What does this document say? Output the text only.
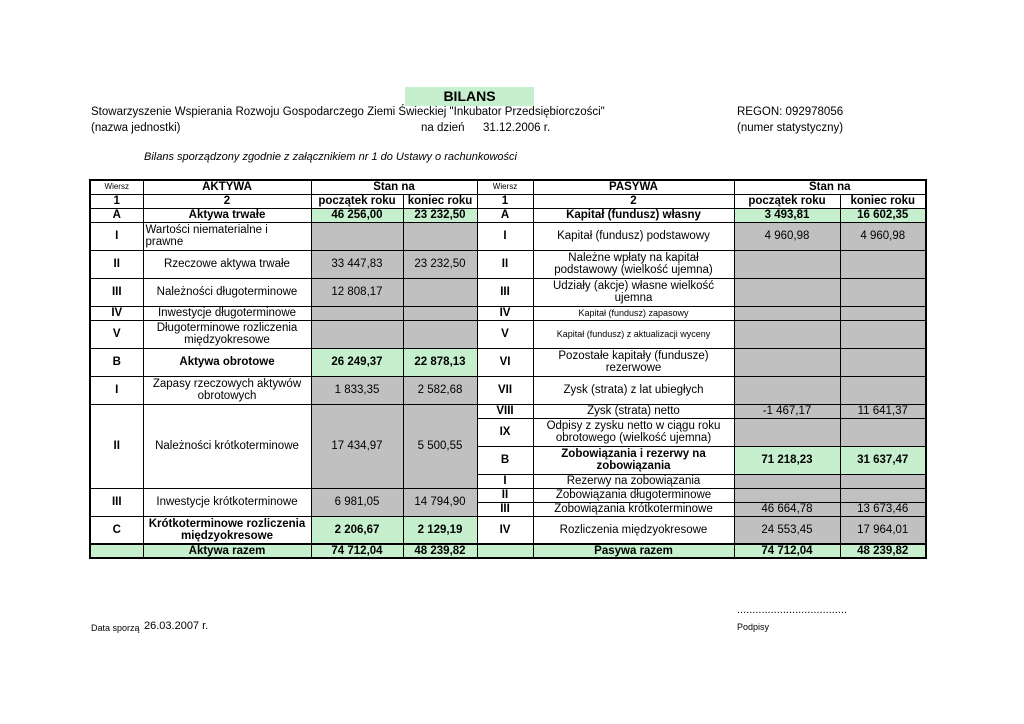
BILANS
Stowarzyszenie Wspierania Rozwoju Gospodarczego Ziemi Świeckiej "Inkubator Przedsiębiorczości"
(nazwa jednostki)	na dzień 31.12.2006 r.
REGON: 092978056
(numer statystyczny)
Bilans sporządzony zgodnie z załącznikiem nr 1 do Ustawy o rachunkowości
Wiersz	AKTYWA	Stan na		Wiersz	PASYWA	Stan na	
1	2	początek roku	koniec roku	1	2	początek roku	koniec roku
A	Aktywa trwałe	46 256,00	23 232,50	A	Kapitał (fundusz) własny	3 493,81	16 602,35
I	Wartości niematerialne i prawne			I	Kapitał (fundusz) podstawowy	4 960,98	4 960,98
II	Rzeczowe aktywa trwałe	33 447,83	23 232,50	II	Należne wpłaty na kapitał podstawowy (wielkość ujemna)		
III	Należności długoterminowe	12 808,17		III	Udziały (akcje) własne wielkość ujemna		
IV	Inwestycje długoterminowe			IV	Kapitał (fundusz) zapasowy		
V	Długoterminowe rozliczenia międzyokresowe			V	Kapitał (fundusz) z aktualizacji wyceny		
B	Aktywa obrotowe	26 249,37	22 878,13	VI	Pozostałe kapitały (fundusze) rezerwowe		
I	Zapasy rzeczowych aktywów obrotowych	1 833,35	2 582,68	VII	Zysk (strata) z lat ubiegłych		
II	Należności krótkoterminowe	17 434,97	5 500,55	VIII	Zysk (strata) netto	-1 467,17	11 641,37
				IX	Odpisy z zysku netto w ciągu roku obrotowego (wielkość ujemna)		
				B	Zobowiązania i rezerwy na zobowiązania	71 218,23	31 637,47
				I	Rezerwy na zobowiązania		
III	Inwestycje krótkoterminowe	6 981,05	14 794,90	II	Zobowiązania długoterminowe		
				III	Zobowiązania krótkoterminowe	46 664,78	13 673,46
C	Krótkoterminowe rozliczenia międzyokresowe	2 206,67	2 129,19	IV	Rozliczenia międzyokresowe	24 553,45	17 964,01
	Aktywa razem	74 712,04	48 239,82		Pasywa razem	74 712,04	48 239,82
....................................
Podpisy
Data sporzą 26.03.2007 r.
